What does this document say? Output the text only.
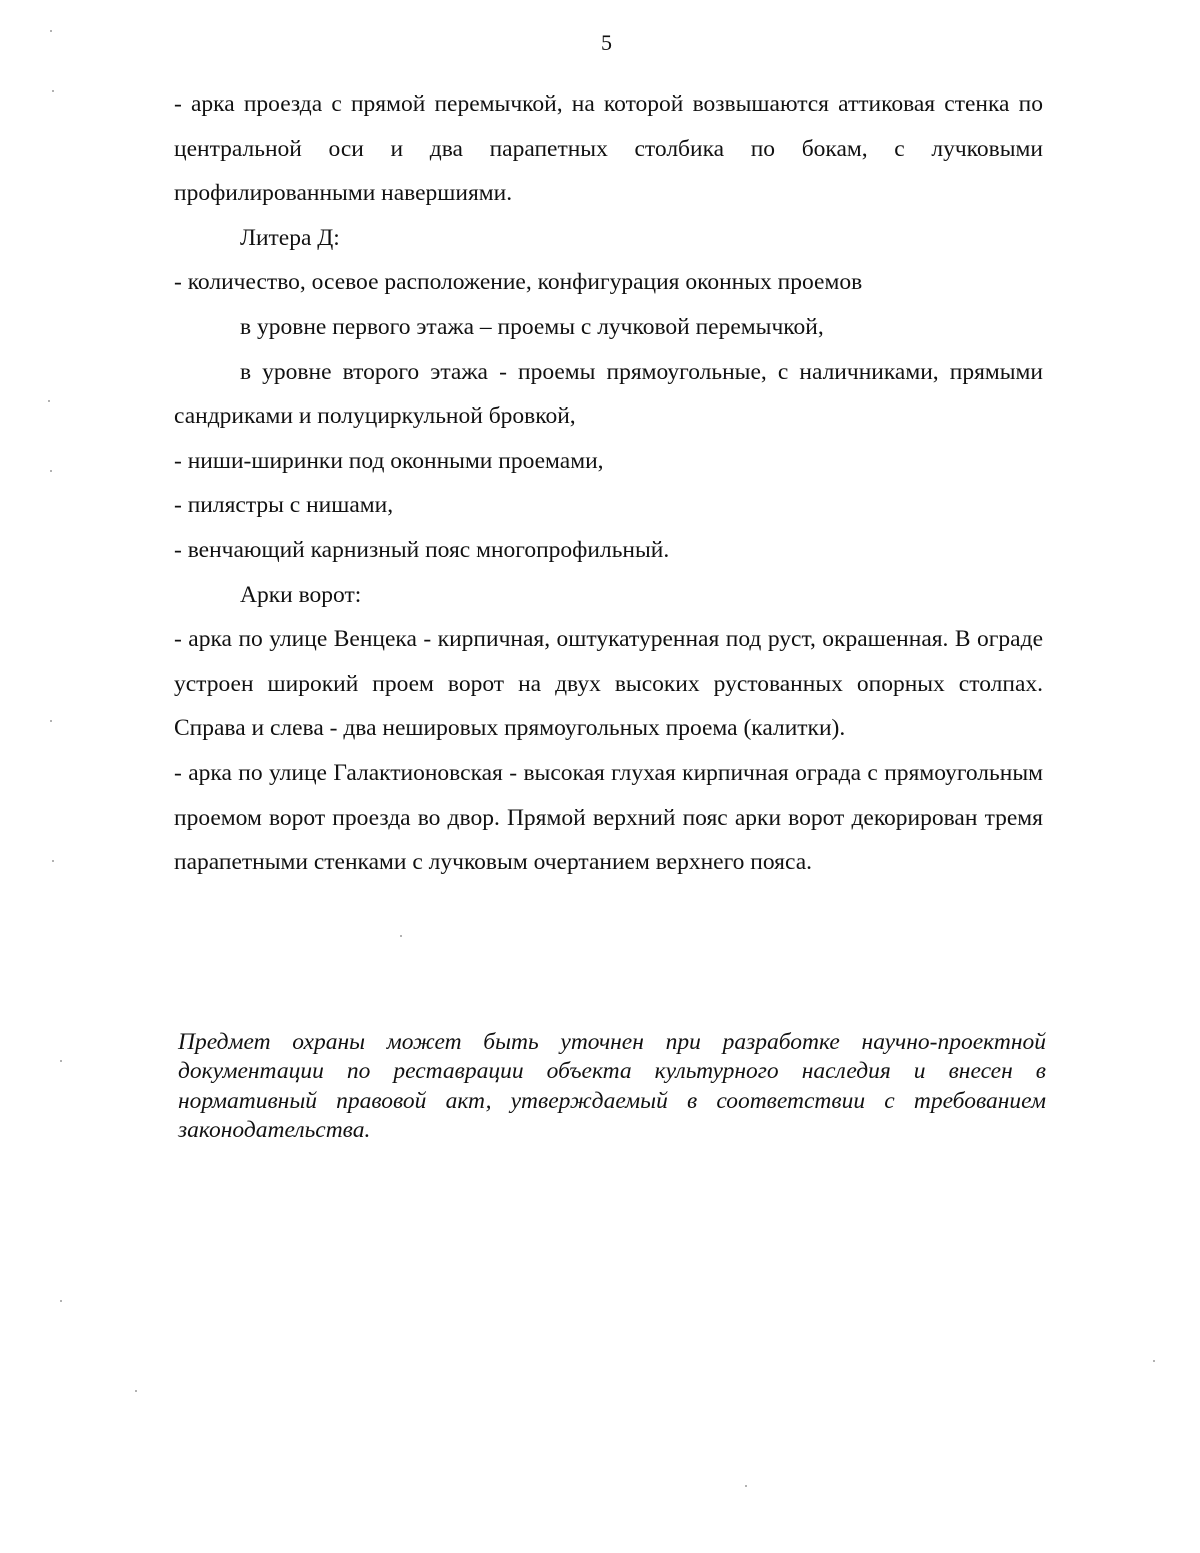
5

- арка проезда с прямой перемычкой, на которой возвышаются аттиковая стенка по центральной оси и два парапетных столбика по бокам, с лучковыми профилированными навершиями.

Литера Д:

- количество, осевое расположение, конфигурация оконных проемов

в уровне первого этажа – проемы с лучковой перемычкой,

в уровне второго этажа - проемы прямоугольные, с наличниками, прямыми сандриками и полуциркульной бровкой,

- ниши-ширинки под оконными проемами,

- пилястры с нишами,

- венчающий карнизный пояс многопрофильный.

Арки ворот:

- арка по улице Венцека - кирпичная, оштукатуренная под руст, окрашенная. В ограде устроен широкий проем ворот на двух высоких рустованных опорных столпах. Справа и слева - два нешировых прямоугольных проема (калитки).

- арка по улице Галактионовская - высокая глухая кирпичная ограда с прямоугольным проемом ворот проезда во двор. Прямой верхний пояс арки ворот декорирован тремя парапетными стенками с лучковым очертанием верхнего пояса.

Предмет охраны может быть уточнен при разработке научно-проектной документации по реставрации объекта культурного наследия и внесен в нормативный правовой акт, утверждаемый в соответствии с требованием законодательства.
